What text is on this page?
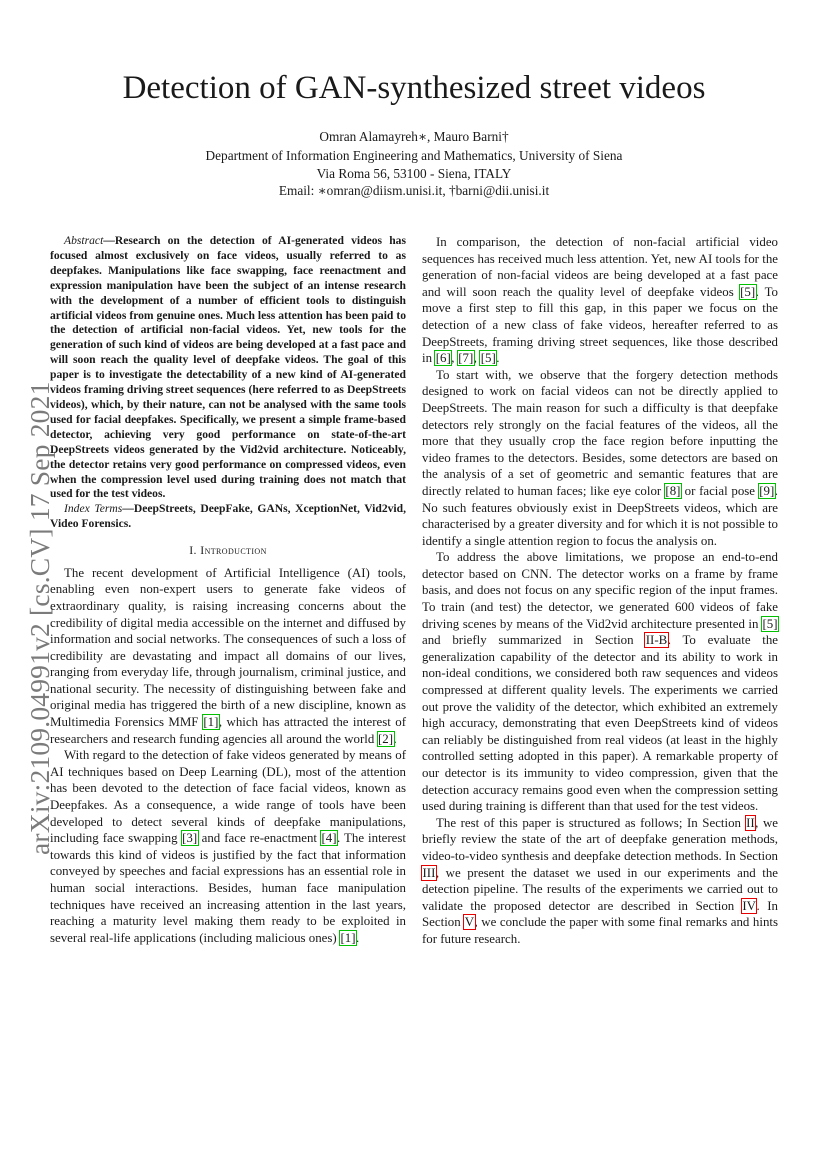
arXiv:2109.04991v2 [cs.CV] 17 Sep 2021
Detection of GAN-synthesized street videos
Omran Alamayreh∗, Mauro Barni†
Department of Information Engineering and Mathematics, University of Siena
Via Roma 56, 53100 - Siena, ITALY
Email: ∗omran@diism.unisi.it, †barni@dii.unisi.it

Abstract—Research on the detection of AI-generated videos has focused almost exclusively on face videos, usually referred to as deepfakes. Manipulations like face swapping, face reenactment and expression manipulation have been the subject of an intense research with the development of a number of efficient tools to distinguish artificial videos from genuine ones. Much less attention has been paid to the detection of artificial non-facial videos. Yet, new tools for the generation of such kind of videos are being developed at a fast pace and will soon reach the quality level of deepfake videos. The goal of this paper is to investigate the detectability of a new kind of AI-generated videos framing driving street sequences (here referred to as DeepStreets videos), which, by their nature, can not be analysed with the same tools used for facial deepfakes. Specifically, we present a simple frame-based detector, achieving very good performance on state-of-the-art DeepStreets videos generated by the Vid2vid architecture. Noticeably, the detector retains very good performance on compressed videos, even when the compression level used during training does not match that used for the test videos.

Index Terms—DeepStreets, DeepFake, GANs, XceptionNet, Vid2vid, Video Forensics.

I. Introduction

The recent development of Artificial Intelligence (AI) tools, enabling even non-expert users to generate fake videos of extraordinary quality, is raising increasing concerns about the credibility of digital media accessible on the internet and diffused by information and social networks. The consequences of such a loss of credibility are devastating and impact all domains of our lives, ranging from everyday life, through journalism, criminal justice, and national security. The necessity of distinguishing between fake and original media has triggered the birth of a new discipline, known as Multimedia Forensics MMF [1], which has attracted the interest of researchers and research funding agencies all around the world [2].

With regard to the detection of fake videos generated by means of AI techniques based on Deep Learning (DL), most of the attention has been devoted to the detection of face facial videos, known as Deepfakes. As a consequence, a wide range of tools have been developed to detect several kinds of deepfake manipulations, including face swapping [3] and face re-enactment [4]. The interest towards this kind of videos is justified by the fact that information conveyed by speeches and facial expressions has an essential role in human social interactions. Besides, human face manipulation techniques have received an increasing attention in the last years, reaching a maturity level making them ready to be exploited in several real-life applications (including malicious ones) [1].

In comparison, the detection of non-facial artificial video sequences has received much less attention. Yet, new AI tools for the generation of non-facial videos are being developed at a fast pace and will soon reach the quality level of deepfake videos [5]. To move a first step to fill this gap, in this paper we focus on the detection of a new class of fake videos, hereafter referred to as DeepStreets, framing driving street sequences, like those described in [6], [7], [5].

To start with, we observe that the forgery detection methods designed to work on facial videos can not be directly applied to DeepStreets. The main reason for such a difficulty is that deepfake detectors rely strongly on the facial features of the videos, all the more that they usually crop the face region before inputting the video frames to the detectors. Besides, some detectors are based on the analysis of a set of geometric and semantic features that are directly related to human faces; like eye color [8] or facial pose [9]. No such features obviously exist in DeepStreets videos, which are characterised by a greater diversity and for which it is not possible to identify a single attention region to focus the analysis on.

To address the above limitations, we propose an end-to-end detector based on CNN. The detector works on a frame by frame basis, and does not focus on any specific region of the input frames. To train (and test) the detector, we generated 600 videos of fake driving scenes by means of the Vid2vid architecture presented in [5] and briefly summarized in Section II-B. To evaluate the generalization capability of the detector and its ability to work in non-ideal conditions, we considered both raw sequences and videos compressed at different quality levels. The experiments we carried out prove the validity of the detector, which exhibited an extremely high accuracy, demonstrating that even DeepStreets kind of videos can reliably be distinguished from real videos (at least in the highly controlled setting adopted in this paper). A remarkable property of our detector is its immunity to video compression, given that the detection accuracy remains good even when the compression setting used during training is different than that used for the test videos.

The rest of this paper is structured as follows; In Section II, we briefly review the state of the art of deepfake generation methods, video-to-video synthesis and deepfake detection methods. In Section III, we present the dataset we used in our experiments and the detection pipeline. The results of the experiments we carried out to validate the proposed detector are described in Section IV. In Section V, we conclude the paper with some final remarks and hints for future research.
